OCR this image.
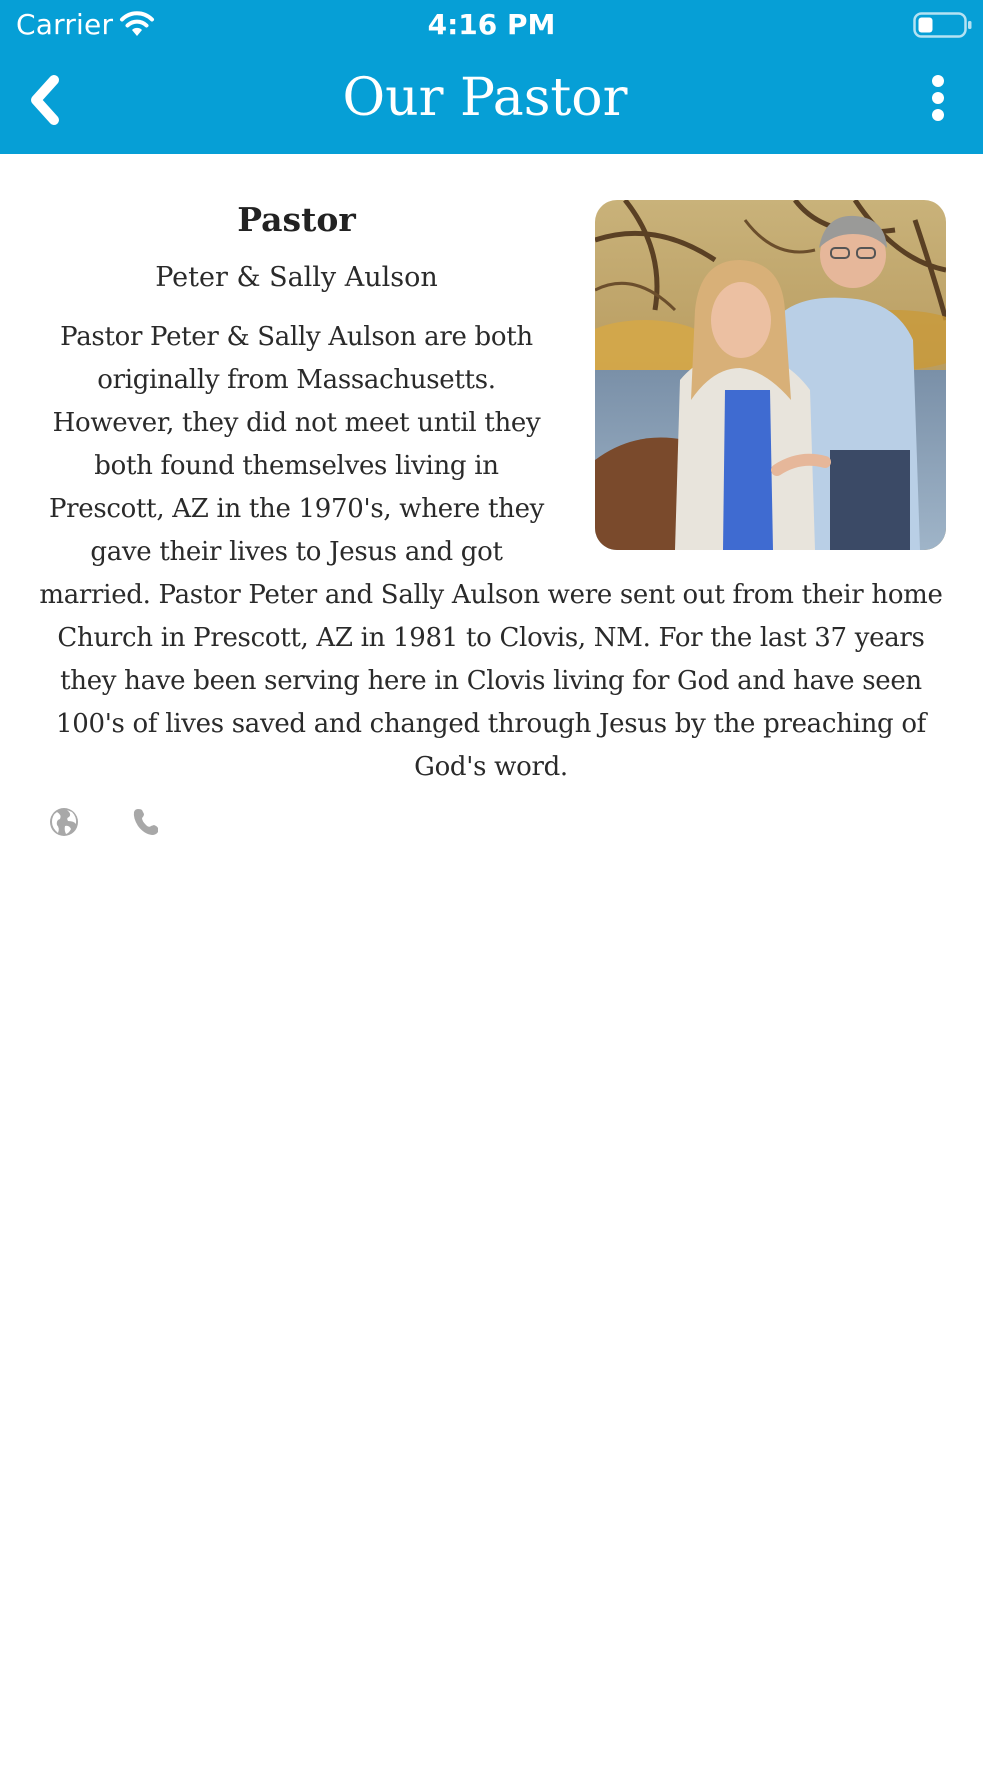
Carrier	4:16 PM
Our Pastor
Pastor

Peter & Sally Aulson

Pastor Peter & Sally Aulson are both originally from Massachusetts. However, they did not meet until they both found themselves living in Prescott, AZ in the 1970's, where they gave their lives to Jesus and got married. Pastor Peter and Sally Aulson were sent out from their home Church in Prescott, AZ in 1981 to Clovis, NM. For the last 37 years they have been serving here in Clovis living for God and have seen 100's of lives saved and changed through Jesus by the preaching of God's word.
